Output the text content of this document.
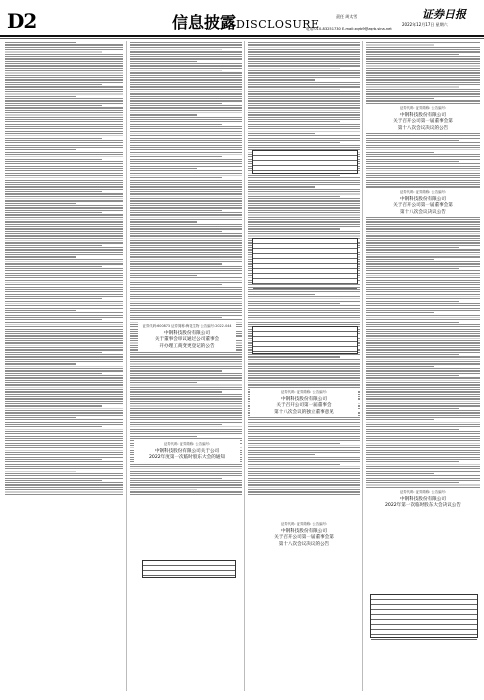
D2	信息披露DISCLOSURE
责任 周太雪	证券日报
2022年12月17日 星期六
电话:010-83251730 E-mail:zqrb9@zqrb.sina.net
证券代码:600873 证券简称:梅花生物 公告编号:2022-044
中钢科技股份有限公司
关于董事会审议通过公司董事会
开办理工商变更登记的公告
证券代码: 证券简称: 公告编号:
中钢科技股份有限公司关于公司
2022年度第一次临时股东大会的通知
证券代码: 证券简称: 公告编号:
中钢科技股份有限公司
关于召开公司第一届董事会第
第十八次会议决议的公告
证券代码: 证券简称: 公告编号:
中钢科技股份有限公司
关于召开公司第一届董事会第
第十八次会议决议公告
证券代码: 证券简称: 公告编号:
中钢科技股份有限公司
关于召开公司第一届董事会
第十八次会议的独立董事意见
证券代码: 证券简称: 公告编号:
中钢科技股份有限公司
关于召开公司第一届董事会第
第十八次会议决议的公告
证券代码: 证券简称: 公告编号:
中钢科技股份有限公司
2022年第一次临时股东大会决议公告
